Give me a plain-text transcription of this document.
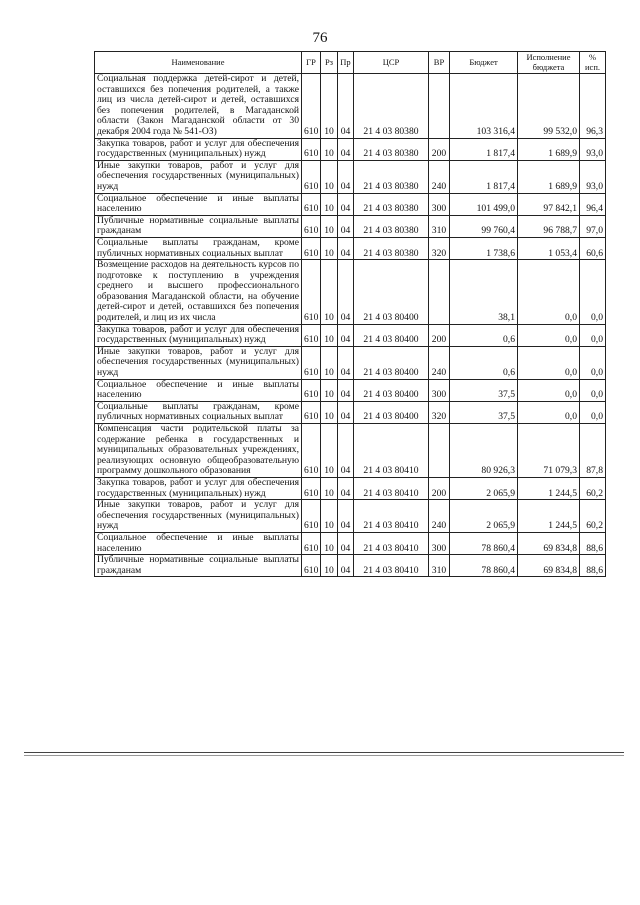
76
Наименование	ГР	Рз	Пр	ЦСР	ВР	Бюджет	Исполнение бюджета	% исп.
Социальная поддержка детей-сирот и детей, оставшихся без попечения родителей, а также лиц из числа детей-сирот и детей, оставшихся без попечения родителей, в Магаданской области (Закон Магаданской области от 30 декабря 2004 года № 541-ОЗ)	610	10	04	21 4 03 80380		103 316,4	99 532,0	96,3
Закупка товаров, работ и услуг для обеспечения государственных (муниципальных) нужд	610	10	04	21 4 03 80380	200	1 817,4	1 689,9	93,0
Иные закупки товаров, работ и услуг для обеспечения государственных (муниципальных) нужд	610	10	04	21 4 03 80380	240	1 817,4	1 689,9	93,0
Социальное обеспечение и иные выплаты населению	610	10	04	21 4 03 80380	300	101 499,0	97 842,1	96,4
Публичные нормативные социальные выплаты гражданам	610	10	04	21 4 03 80380	310	99 760,4	96 788,7	97,0
Социальные выплаты гражданам, кроме публичных нормативных социальных выплат	610	10	04	21 4 03 80380	320	1 738,6	1 053,4	60,6
Возмещение расходов на деятельность курсов по подготовке к поступлению в учреждения среднего и высшего профессионального образования Магаданской области, на обучение детей-сирот и детей, оставшихся без попечения родителей, и лиц из их числа	610	10	04	21 4 03 80400		38,1	0,0	0,0
Закупка товаров, работ и услуг для обеспечения государственных (муниципальных) нужд	610	10	04	21 4 03 80400	200	0,6	0,0	0,0
Иные закупки товаров, работ и услуг для обеспечения государственных (муниципальных) нужд	610	10	04	21 4 03 80400	240	0,6	0,0	0,0
Социальное обеспечение и иные выплаты населению	610	10	04	21 4 03 80400	300	37,5	0,0	0,0
Социальные выплаты гражданам, кроме публичных нормативных социальных выплат	610	10	04	21 4 03 80400	320	37,5	0,0	0,0
Компенсация части родительской платы за содержание ребенка в государственных и муниципальных образовательных учреждениях, реализующих основную общеобразовательную программу дошкольного образования	610	10	04	21 4 03 80410		80 926,3	71 079,3	87,8
Закупка товаров, работ и услуг для обеспечения государственных (муниципальных) нужд	610	10	04	21 4 03 80410	200	2 065,9	1 244,5	60,2
Иные закупки товаров, работ и услуг для обеспечения государственных (муниципальных) нужд	610	10	04	21 4 03 80410	240	2 065,9	1 244,5	60,2
Социальное обеспечение и иные выплаты населению	610	10	04	21 4 03 80410	300	78 860,4	69 834,8	88,6
Публичные нормативные социальные выплаты гражданам	610	10	04	21 4 03 80410	310	78 860,4	69 834,8	88,6
